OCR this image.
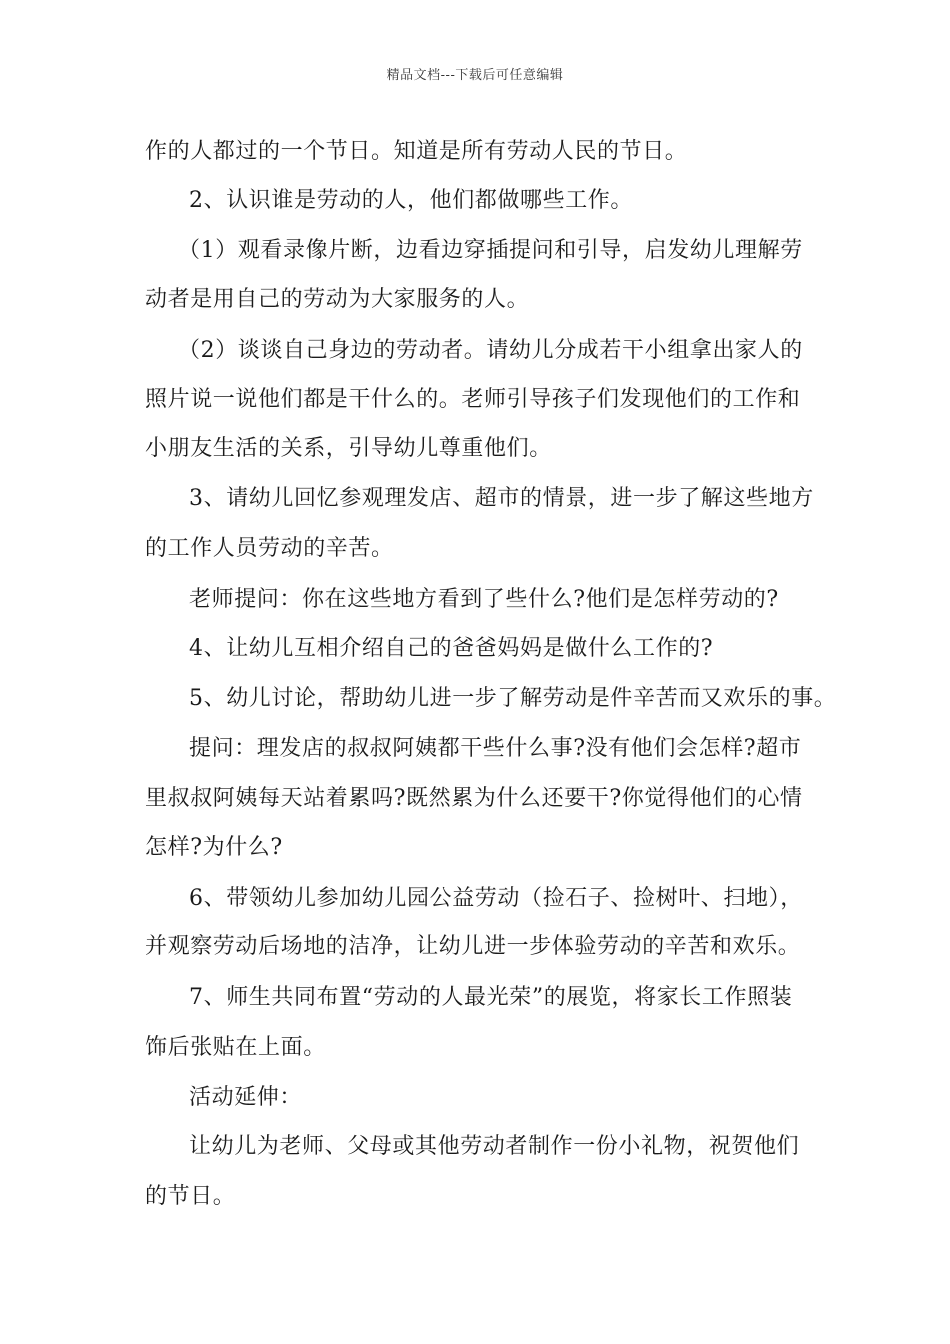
精品文档---下载后可任意编辑
作的人都过的一个节日。知道是所有劳动人民的节日。
2、认识谁是劳动的人，他们都做哪些工作。
（1）观看录像片断，边看边穿插提问和引导，启发幼儿理解劳
动者是用自己的劳动为大家服务的人。
（2）谈谈自己身边的劳动者。请幼儿分成若干小组拿出家人的
照片说一说他们都是干什么的。老师引导孩子们发现他们的工作和
小朋友生活的关系，引导幼儿尊重他们。
3、请幼儿回忆参观理发店、超市的情景，进一步了解这些地方
的工作人员劳动的辛苦。
老师提问：你在这些地方看到了些什么?他们是怎样劳动的?
4、让幼儿互相介绍自己的爸爸妈妈是做什么工作的?
5、幼儿讨论，帮助幼儿进一步了解劳动是件辛苦而又欢乐的事。
提问：理发店的叔叔阿姨都干些什么事?没有他们会怎样?超市
里叔叔阿姨每天站着累吗?既然累为什么还要干?你觉得他们的心情
怎样?为什么?
6、带领幼儿参加幼儿园公益劳动（捡石子、捡树叶、扫地），
并观察劳动后场地的洁净，让幼儿进一步体验劳动的辛苦和欢乐。
7、师生共同布置“劳动的人最光荣”的展览，将家长工作照装
饰后张贴在上面。
活动延伸：
让幼儿为老师、父母或其他劳动者制作一份小礼物，祝贺他们
的节日。
